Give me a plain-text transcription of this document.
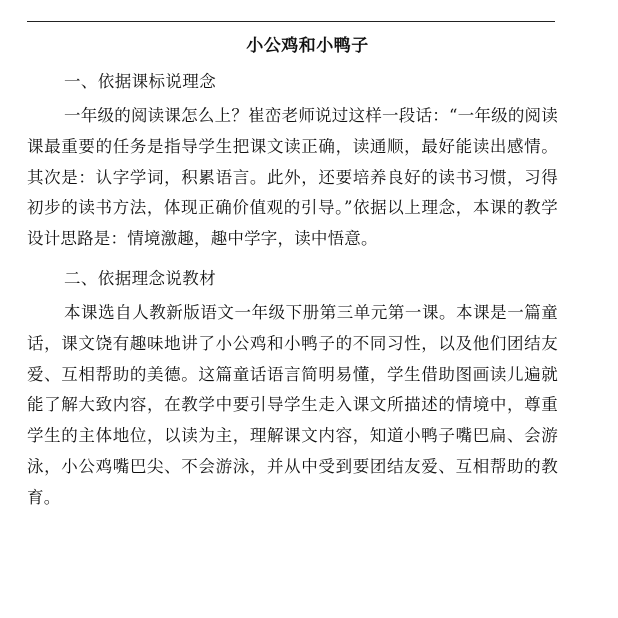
小公鸡和小鸭子
一、依据课标说理念

一年级的阅读课怎么上？崔峦老师说过这样一段话：“一年级的阅读课最重要的任务是指导学生把课文读正确，读通顺，最好能读出感情。其次是：认字学词，积累语言。此外，还要培养良好的读书习惯，习得初步的读书方法，体现正确价值观的引导。”依据以上理念，本课的教学设计思路是：情境激趣，趣中学字，读中悟意。

二、依据理念说教材

本课选自人教新版语文一年级下册第三单元第一课。本课是一篇童话，课文饶有趣味地讲了小公鸡和小鸭子的不同习性，以及他们团结友爱、互相帮助的美德。这篇童话语言简明易懂，学生借助图画读儿遍就能了解大致内容，在教学中要引导学生走入课文所描述的情境中，尊重学生的主体地位，以读为主，理解课文内容，知道小鸭子嘴巴扁、会游泳，小公鸡嘴巴尖、不会游泳，并从中受到要团结友爱、互相帮助的教育。
